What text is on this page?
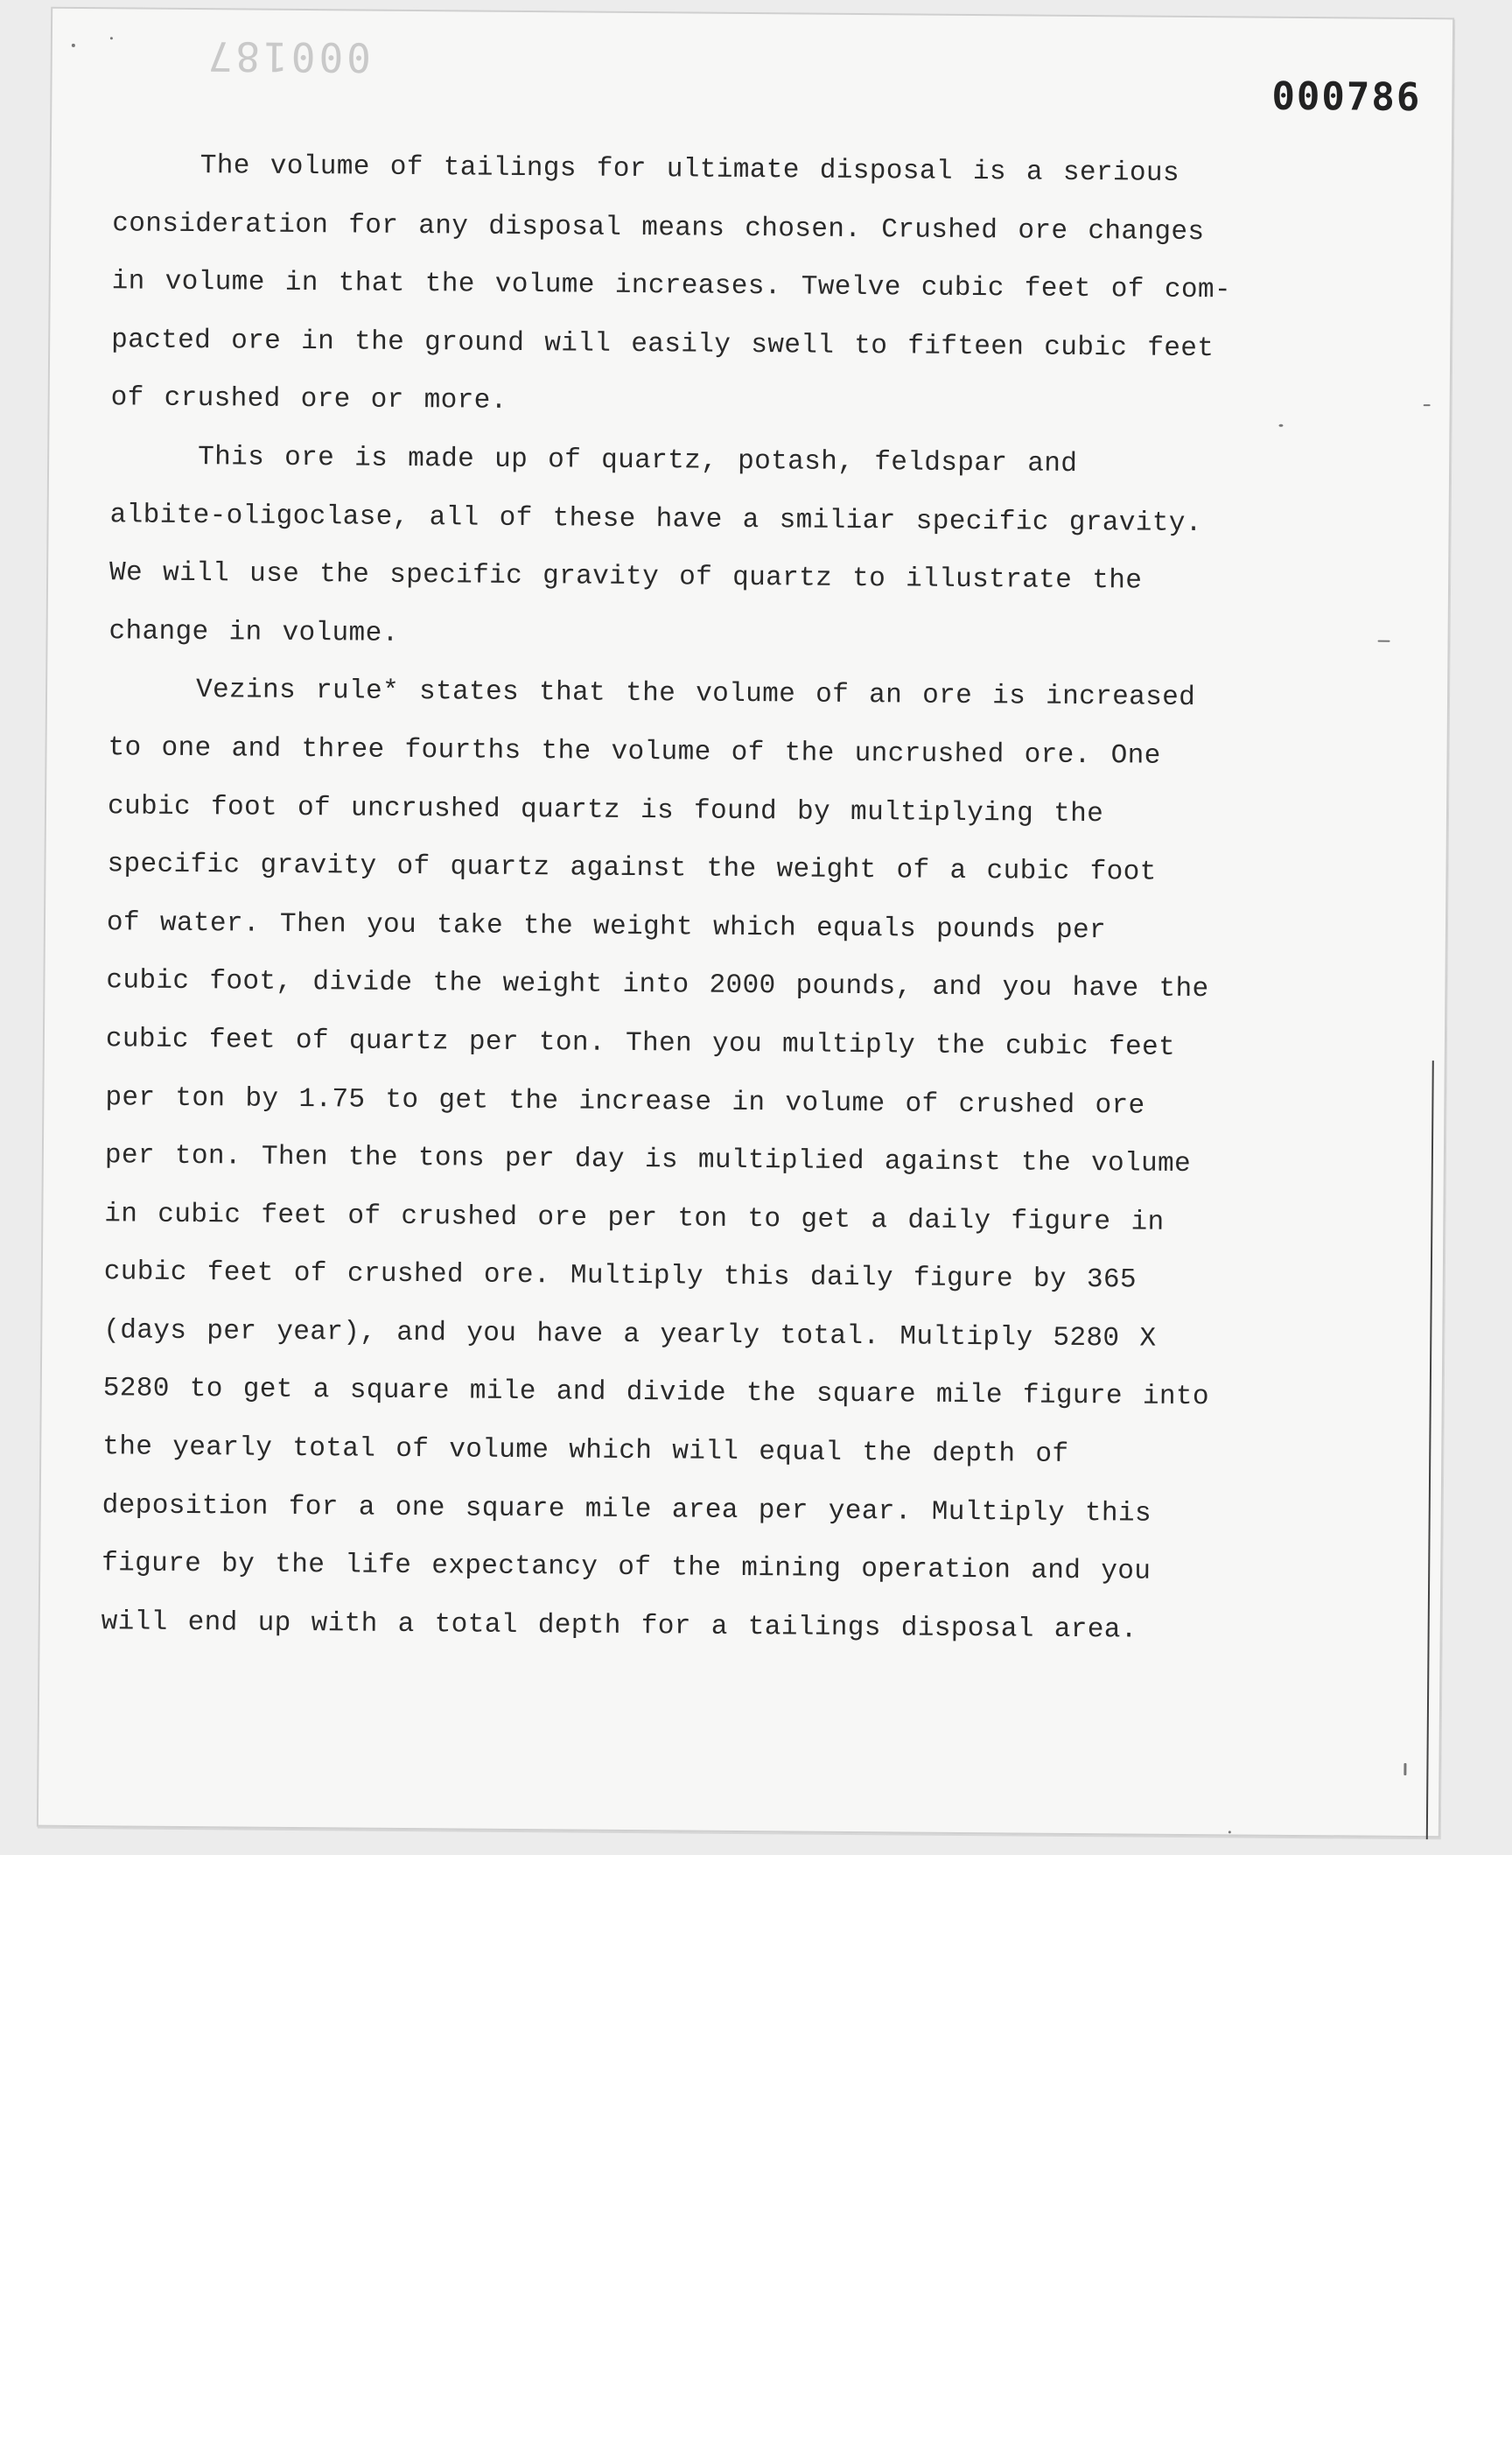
000187
000786

The volume of tailings for ultimate disposal is a serious
consideration for any disposal means chosen. Crushed ore changes
in volume in that the volume increases. Twelve cubic feet of com-
pacted ore in the ground will easily swell to fifteen cubic feet
of crushed ore or more.

This ore is made up of quartz, potash, feldspar and
albite-oligoclase, all of these have a smiliar specific gravity.
We will use the specific gravity of quartz to illustrate the
change in volume.

Vezins rule* states that the volume of an ore is increased
to one and three fourths the volume of the uncrushed ore. One
cubic foot of uncrushed quartz is found by multiplying the
specific gravity of quartz against the weight of a cubic foot
of water. Then you take the weight which equals pounds per
cubic foot, divide the weight into 2000 pounds, and you have the
cubic feet of quartz per ton. Then you multiply the cubic feet
per ton by 1.75 to get the increase in volume of crushed ore
per ton. Then the tons per day is multiplied against the volume
in cubic feet of crushed ore per ton to get a daily figure in
cubic feet of crushed ore. Multiply this daily figure by 365
(days per year), and you have a yearly total. Multiply 5280 X
5280 to get a square mile and divide the square mile figure into
the yearly total of volume which will equal the depth of
deposition for a one square mile area per year. Multiply this
figure by the life expectancy of the mining operation and you
will end up with a total depth for a tailings disposal area.
